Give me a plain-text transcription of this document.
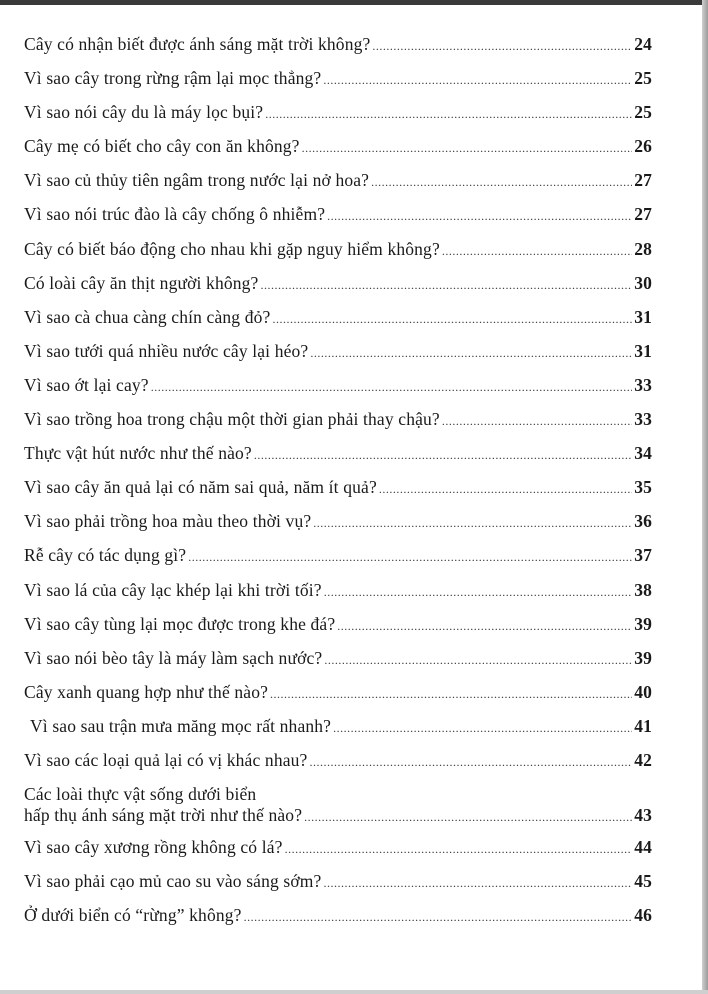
Cây có nhận biết được ánh sáng mặt trời không? .....	24
Vì sao cây trong rừng rậm lại mọc thẳng? .....	25
Vì sao nói cây du là máy lọc bụi? .....	25
Cây mẹ có biết cho cây con ăn không? .....	26
Vì sao củ thủy tiên ngâm trong nước lại nở hoa? .....	27
Vì sao nói trúc đào là cây chống ô nhiễm? .....	27
Cây có biết báo động cho nhau khi gặp nguy hiểm không? .....	28
Có loài cây ăn thịt người không? .....	30
Vì sao cà chua càng chín càng đỏ? .....	31
Vì sao tưới quá nhiều nước cây lại héo? .....	31
Vì sao ớt lại cay? .....	33
Vì sao trồng hoa trong chậu một thời gian phải thay chậu? .....	33
Thực vật hút nước như thế nào? .....	34
Vì sao cây ăn quả lại có năm sai quả, năm ít quả? .....	35
Vì sao phải trồng hoa màu theo thời vụ? .....	36
Rễ cây có tác dụng gì? .....	37
Vì sao lá của cây lạc khép lại khi trời tối? .....	38
Vì sao cây tùng lại mọc được trong khe đá? .....	39
Vì sao nói bèo tây là máy làm sạch nước? .....	39
Cây xanh quang hợp như thế nào? .....	40
Vì sao sau trận mưa măng mọc rất nhanh? .....	41
Vì sao các loại quả lại có vị khác nhau? .....	42
Các loài thực vật sống dưới biển
hấp thụ ánh sáng mặt trời như thế nào? .....	43
Vì sao cây xương rồng không có lá? .....	44
Vì sao phải cạo mủ cao su vào sáng sớm? .....	45
Ở dưới biển có “rừng” không? .....	46
